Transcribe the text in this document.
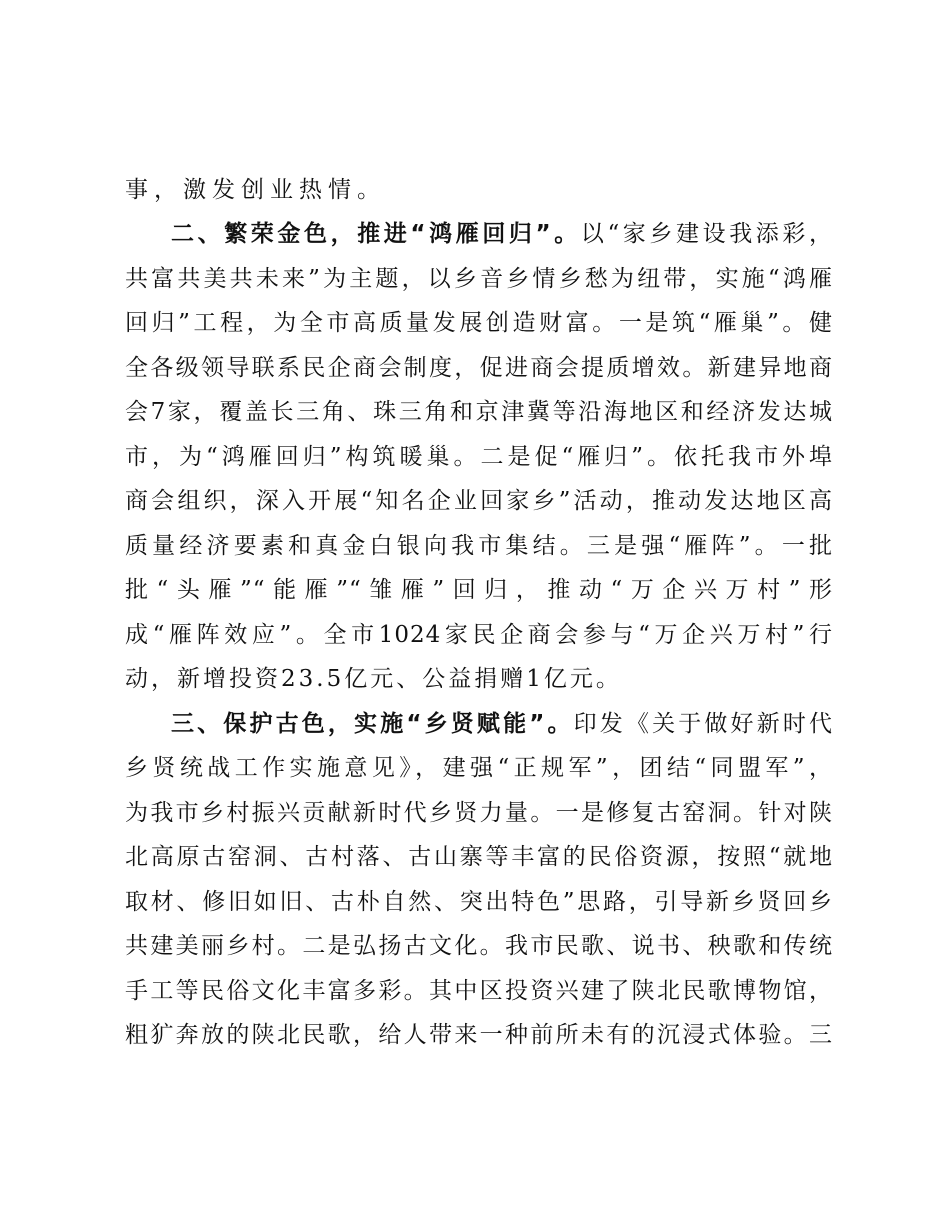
事，激发创业热情。
二、繁荣金色，推进“鸿雁回归”。以“家乡建设我添彩，
共富共美共未来”为主题，以乡音乡情乡愁为纽带，实施“鸿雁
回归”工程，为全市高质量发展创造财富。一是筑“雁巢”。健
全各级领导联系民企商会制度，促进商会提质增效。新建异地商
会7家，覆盖长三角、珠三角和京津冀等沿海地区和经济发达城
市，为“鸿雁回归”构筑暖巢。二是促“雁归”。依托我市外埠
商会组织，深入开展“知名企业回家乡”活动，推动发达地区高
质量经济要素和真金白银向我市集结。三是强“雁阵”。一批
批“头雁”“能雁”“雏雁”回归，推动“万企兴万村”形
成“雁阵效应”。全市1024家民企商会参与“万企兴万村”行
动，新增投资23.5亿元、公益捐赠1亿元。
三、保护古色，实施“乡贤赋能”。印发《关于做好新时代
乡贤统战工作实施意见》，建强“正规军”，团结“同盟军”，
为我市乡村振兴贡献新时代乡贤力量。一是修复古窑洞。针对陕
北高原古窑洞、古村落、古山寨等丰富的民俗资源，按照“就地
取材、修旧如旧、古朴自然、突出特色”思路，引导新乡贤回乡
共建美丽乡村。二是弘扬古文化。我市民歌、说书、秧歌和传统
手工等民俗文化丰富多彩。其中区投资兴建了陕北民歌博物馆，
粗犷奔放的陕北民歌，给人带来一种前所未有的沉浸式体验。三
